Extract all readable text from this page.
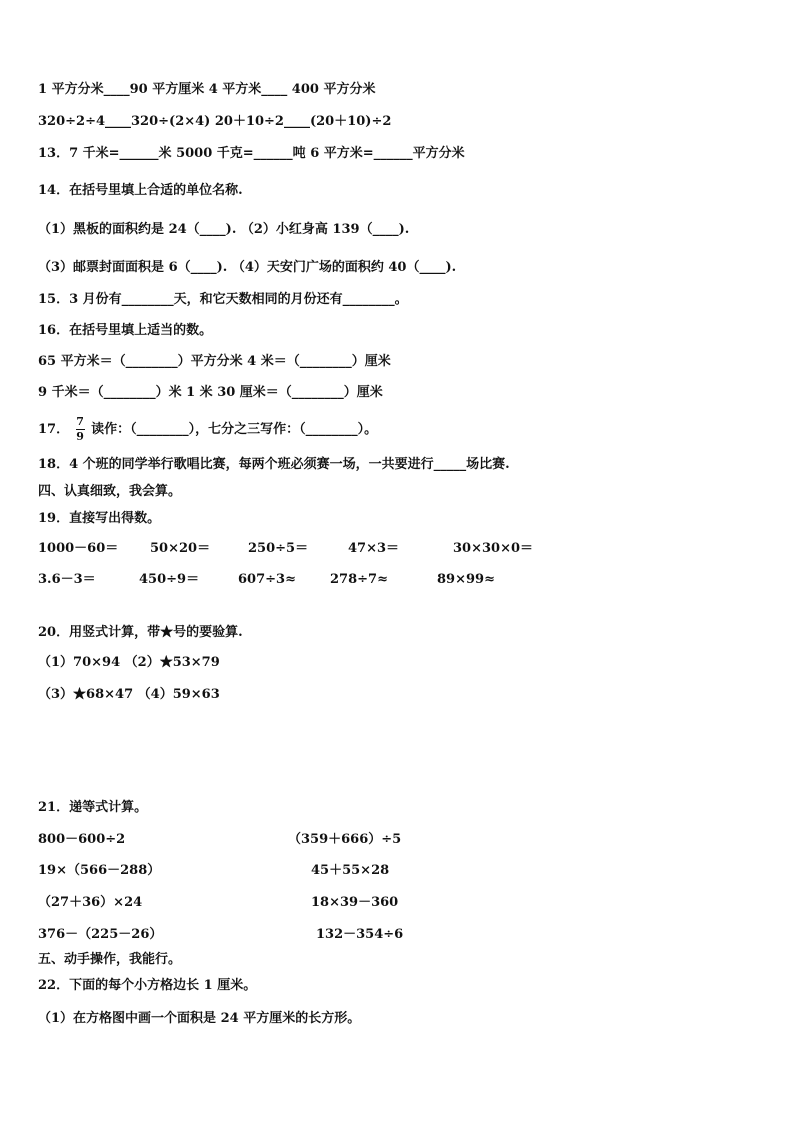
1 平方分米____90 平方厘米 4 平方米____ 400 平方分米
320÷2÷4____320÷(2×4) 20＋10÷2____(20＋10)÷2
13．7 千米=______米 5000 千克=______吨 6 平方米=______平方分米
14．在括号里填上合适的单位名称.
（1）黑板的面积约是 24（____). （2）小红身高 139（____).
（3）邮票封面面积是 6（____). （4）天安门广场的面积约 40（____).
15．3 月份有________天，和它天数相同的月份还有________。
16．在括号里填上适当的数。
65 平方米＝（________）平方分米 4 米＝（________）厘米
9 千米＝（________）米 1 米 30 厘米＝（________）厘米
17． $\frac{7}{9}$ 读作：（________），七分之三写作：（________）。
18．4 个班的同学举行歌唱比赛，每两个班必须赛一场，一共要进行_____场比赛.
四、认真细致，我会算。
19．直接写出得数。
1000－60＝ 50×20＝	250÷5＝	47×3＝	30×30×0＝
3.6－3＝	450÷9＝	607÷3≈	278÷7≈	89×99≈
20．用竖式计算，带★号的要验算.
（1）70×94 （2）★53×79
（3）★68×47 （4）59×63
21．递等式计算。
800－600÷2	（359＋666）÷5
19×（566－288）	45＋55×28
（27＋36）×24	18×39－360
376－（225－26）	132－354÷6
五、动手操作，我能行。
22．下面的每个小方格边长 1 厘米。
（1）在方格图中画一个面积是 24 平方厘米的长方形。
